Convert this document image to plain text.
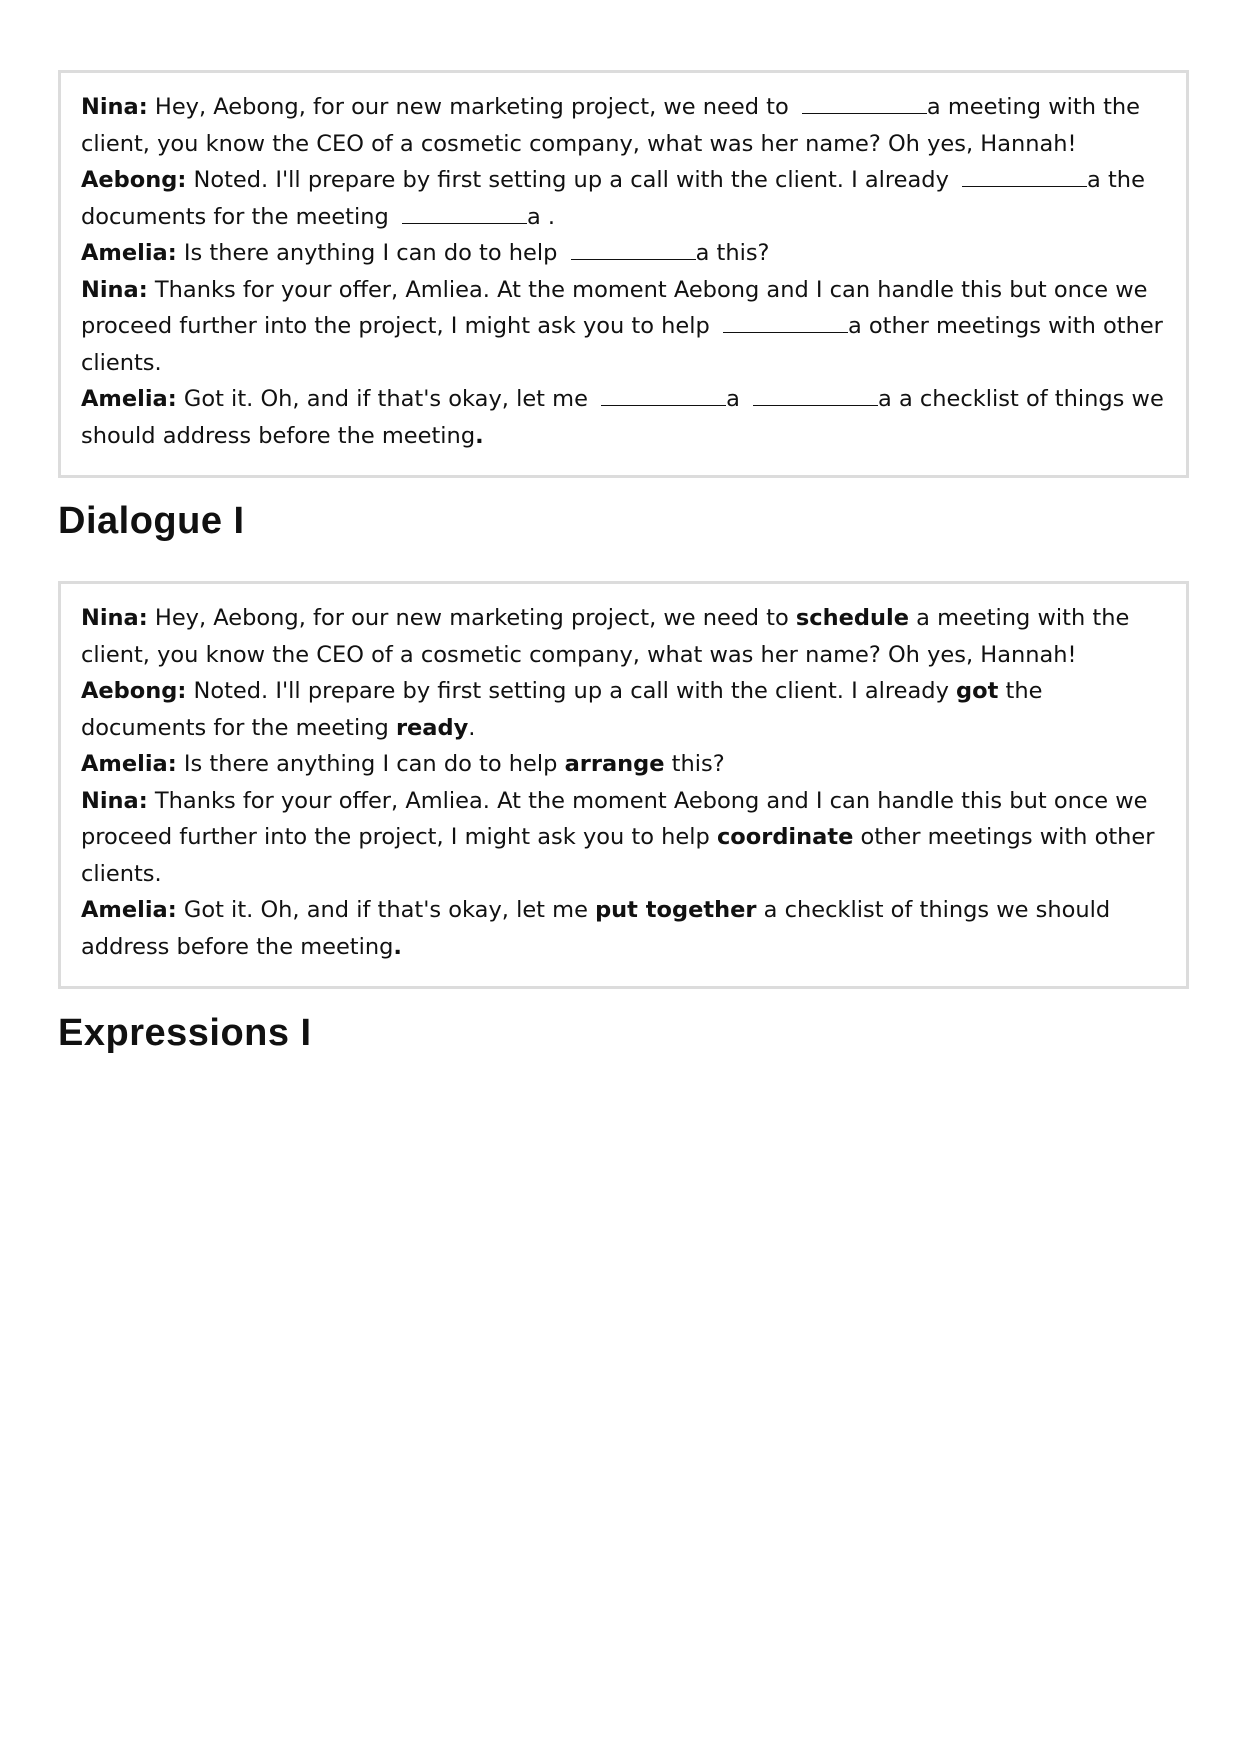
Nina: Hey, Aebong, for our new marketing project, we need to	a meeting with the client, you know the CEO of a cosmetic company, what was her name? Oh yes, Hannah!
Aebong: Noted. I'll prepare by first setting up a call with the client. I already	a the documents for the meeting	a .
Amelia: Is there anything I can do to help	a this?
Nina: Thanks for your offer, Amliea. At the moment Aebong and I can handle this but once we proceed further into the project, I might ask you to help	a other meetings with other clients.
Amelia: Got it. Oh, and if that's okay, let me	a	a a checklist of things we should address before the meeting.
Dialogue I
Nina: Hey, Aebong, for our new marketing project, we need to schedule a meeting with the client, you know the CEO of a cosmetic company, what was her name? Oh yes, Hannah!
Aebong: Noted. I'll prepare by first setting up a call with the client. I already got the documents for the meeting ready.
Amelia: Is there anything I can do to help arrange this?
Nina: Thanks for your offer, Amliea. At the moment Aebong and I can handle this but once we proceed further into the project, I might ask you to help coordinate other meetings with other clients.
Amelia: Got it. Oh, and if that's okay, let me put together a checklist of things we should address before the meeting.
Expressions I
